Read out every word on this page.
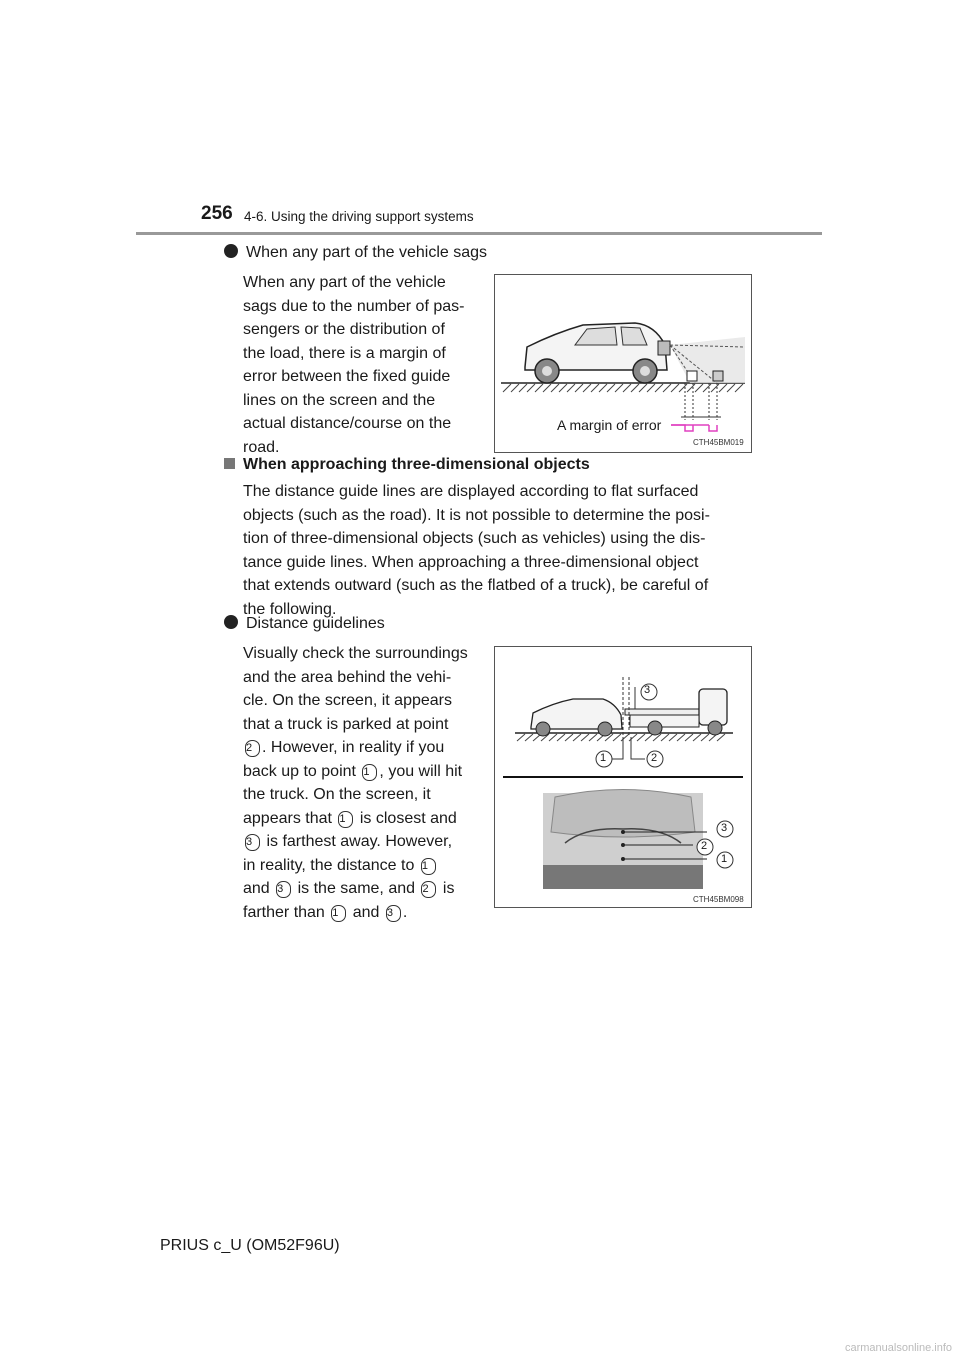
256 4-6. Using the driving support systems
When any part of the vehicle sags
When any part of the vehicle
sags due to the number of pas-
sengers or the distribution of
the load, there is a margin of
error between the fixed guide
lines on the screen and the
actual distance/course on the
road.
A margin of error
CTH45BM019
When approaching three-dimensional objects
The distance guide lines are displayed according to flat surfaced
objects (such as the road). It is not possible to determine the posi-
tion of three-dimensional objects (such as vehicles) using the dis-
tance guide lines. When approaching a three-dimensional object
that extends outward (such as the flatbed of a truck), be careful of
the following.
Distance guidelines
Visually check the surroundings
and the area behind the vehi-
cle. On the screen, it appears
that a truck is parked at point
2 . However, in reality if you
back up to point 1 , you will hit
the truck. On the screen, it
appears that 1 is closest and
3 is farthest away. However,
in reality, the distance to 1
and 3 is the same, and 2 is
farther than 1 and 3 .
3
1	2
3
2
1
CTH45BM098
PRIUS c_U (OM52F96U)
carmanualsonline.info
